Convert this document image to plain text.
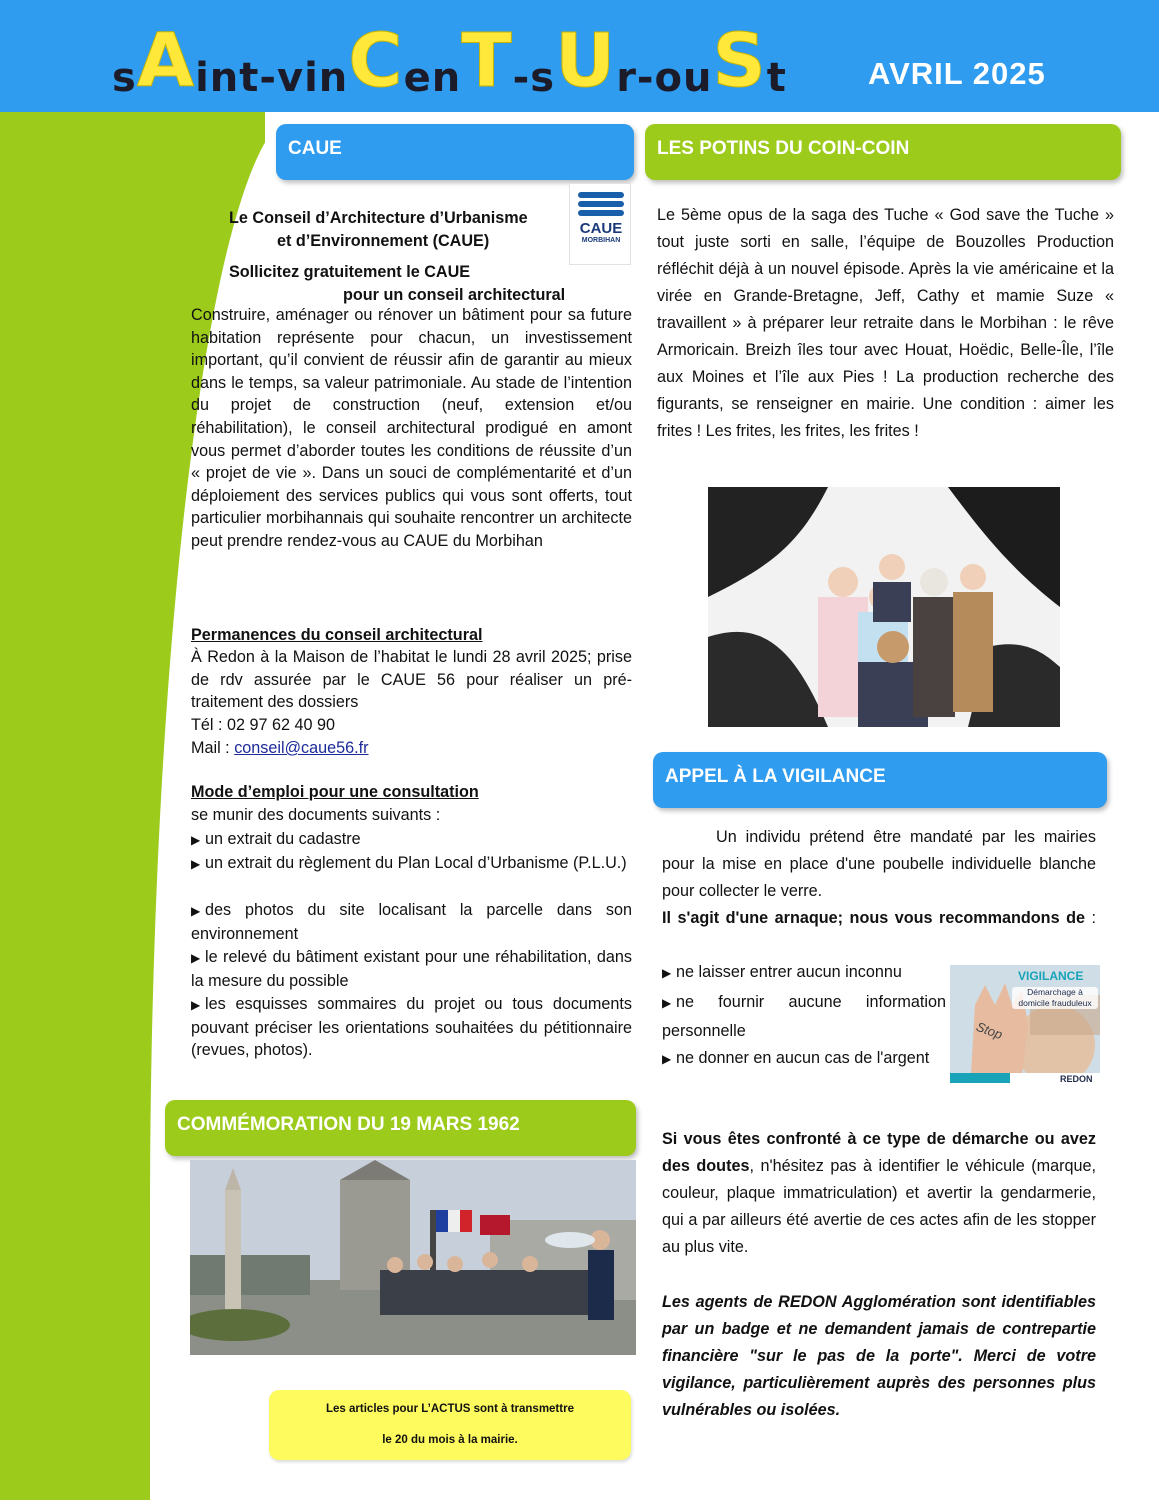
s A int-vin C en T -s U r-ou S t	AVRIL 2025
CAUE
CAUE
MORBIHAN
Le Conseil d’Architecture d’Urbanisme
et d’Environnement (CAUE)
Sollicitez gratuitement le CAUE
pour un conseil architectural
Construire, aménager ou rénover un bâtiment pour sa future habitation représente pour chacun, un investissement important, qu’il convient de réussir afin de garantir au mieux dans le temps, sa valeur patrimoniale. Au stade de l’intention du projet de construction (neuf, extension et/ou réhabilitation), le conseil architectural prodigué en amont vous permet d’aborder toutes les conditions de réussite d’un « projet de vie ». Dans un souci de complémentarité et d’un déploiement des services publics qui vous sont offerts, tout particulier morbihannais qui souhaite rencontrer un architecte peut prendre rendez-vous au CAUE du Morbihan
Permanences du conseil architectural
À Redon à la Maison de l’habitat le lundi 28 avril 2025; prise de rdv assurée par le CAUE 56 pour réaliser un pré-traitement des dossiers
Tél : 02 97 62 40 90
Mail : conseil@caue56.fr
Mode d’emploi pour une consultation
se munir des documents suivants :
▶ un extrait du cadastre
▶ un extrait du règlement du Plan Local d’Urbanisme (P.L.U.)
▶ des photos du site localisant la parcelle dans son environnement
▶ le relevé du bâtiment existant pour une réhabilitation, dans la mesure du possible
▶ les esquisses sommaires du projet ou tous documents pouvant préciser les orientations souhaitées du pétitionnaire (revues, photos).
COMMÉMORATION DU 19 MARS 1962
Les articles pour L’ACTUS sont à transmettre
le 20 du mois à la mairie.
LES POTINS DU COIN-COIN
Le 5ème opus de la saga des Tuche « God save the Tuche » tout juste sorti en salle, l’équipe de Bouzolles Production réfléchit déjà à un nouvel épisode. Après la vie américaine et la virée en Grande-Bretagne, Jeff, Cathy et mamie Suze « travaillent » à préparer leur retraite dans le Morbihan : le rêve Armoricain. Breizh îles tour avec Houat, Hoëdic, Belle-Île, l’île aux Moines et l’île aux Pies ! La production recherche des figurants, se renseigner en mairie. Une condition : aimer les frites ! Les frites, les frites, les frites !
APPEL À LA VIGILANCE
Un individu prétend être mandaté par les mairies pour la mise en place d'une poubelle individuelle blanche pour collecter le verre.
Il s'agit d'une arnaque; nous vous recommandons de :
▶ ne laisser entrer aucun inconnu
▶ ne fournir aucune information personnelle
▶ ne donner en aucun cas de l'argent
VIGILANCE
Démarchage à domicile frauduleux
Stop
REDON
Si vous êtes confronté à ce type de démarche ou avez des doutes, n'hésitez pas à identifier le véhicule (marque, couleur, plaque immatriculation) et avertir la gendarmerie, qui a par ailleurs été avertie de ces actes afin de les stopper au plus vite.
Les agents de REDON Agglomération sont identifiables par un badge et ne demandent jamais de contrepartie financière "sur le pas de la porte". Merci de votre vigilance, particulièrement auprès des personnes plus vulnérables ou isolées.
